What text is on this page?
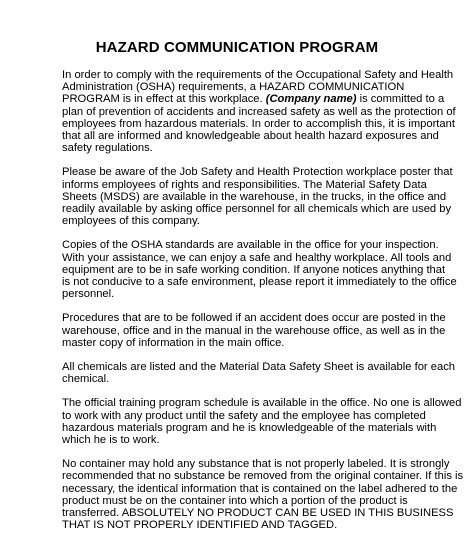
HAZARD COMMUNICATION PROGRAM

In order to comply with the requirements of the Occupational Safety and Health
Administration (OSHA) requirements, a HAZARD COMMUNICATION
PROGRAM is in effect at this workplace. (Company name) is committed to a
plan of prevention of accidents and increased safety as well as the protection of
employees from hazardous materials. In order to accomplish this, it is important
that all are informed and knowledgeable about health hazard exposures and
safety regulations.

Please be aware of the Job Safety and Health Protection workplace poster that
informs employees of rights and responsibilities. The Material Safety Data
Sheets (MSDS) are available in the warehouse, in the trucks, in the office and
readily available by asking office personnel for all chemicals which are used by
employees of this company.

Copies of the OSHA standards are available in the office for your inspection.
With your assistance, we can enjoy a safe and healthy workplace. All tools and
equipment are to be in safe working condition. If anyone notices anything that
is not conducive to a safe environment, please report it immediately to the office
personnel.

Procedures that are to be followed if an accident does occur are posted in the
warehouse, office and in the manual in the warehouse office, as well as in the
master copy of information in the main office.

All chemicals are listed and the Material Data Safety Sheet is available for each
chemical.

The official training program schedule is available in the office. No one is allowed
to work with any product until the safety and the employee has completed
hazardous materials program and he is knowledgeable of the materials with
which he is to work.

No container may hold any substance that is not properly labeled. It is strongly
recommended that no substance be removed from the original container. If this is
necessary, the identical information that is contained on the label adhered to the
product must be on the container into which a portion of the product is
transferred. ABSOLUTELY NO PRODUCT CAN BE USED IN THIS BUSINESS
THAT IS NOT PROPERLY IDENTIFIED AND TAGGED.
